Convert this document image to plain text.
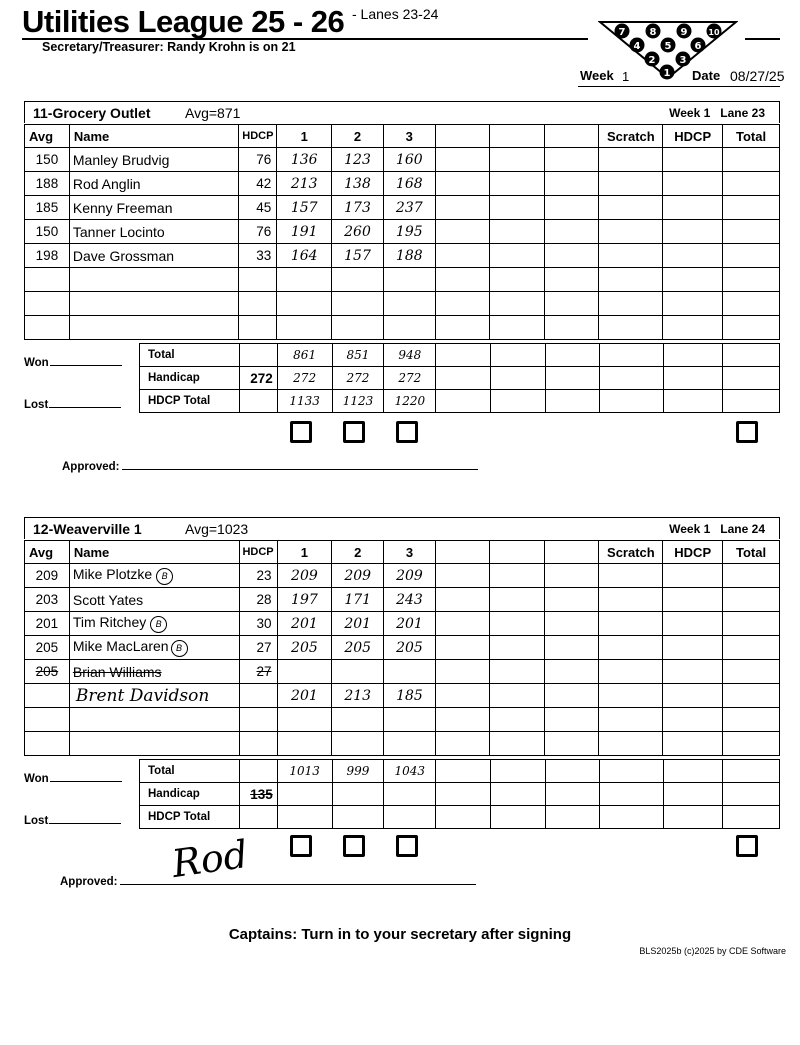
Utilities League 25 - 26 - Lanes 23-24
Secretary/Treasurer: Randy Krohn is on 21
7 8 9	10
4 5 6
2 3
1
Week 1	Date 08/27/25
11-Grocery Outlet Avg=871	Week 1 Lane 23
Avg	Name	HDCP	1	2	3				Scratch	HDCP	Total
150	Manley Brudvig	76	136	123	160						
188	Rod Anglin	42	213	138	168						
185	Kenny Freeman	45	157	173	237						
150	Tanner Locinto	76	191	260	195						
198	Dave Grossman	33	164	157	188						

Total		861	851	948						
Handicap	272	272	272	272						
HDCP Total		1133	1123	1220						
Won
Lost
Approved:
12-Weaverville 1	Avg=1023	Week 1 Lane 24
Avg	Name	HDCP	1	2	3				Scratch	HDCP	Total
209	Mike Plotzke B	23	209	209	209						
203	Scott Yates	28	197	171	243						
201	Tim Ritchey B	30	201	201	201						
205	Mike MacLaren B	27	205	205	205						
205	Brian Williams	27									
	Brent Davidson		201	213	185						

Total		1013	999	1043						
Handicap	135									
HDCP Total										
Won
Lost
Approved:	Rod
Captains: Turn in to your secretary after signing
BLS2025b (c)2025 by CDE Software
